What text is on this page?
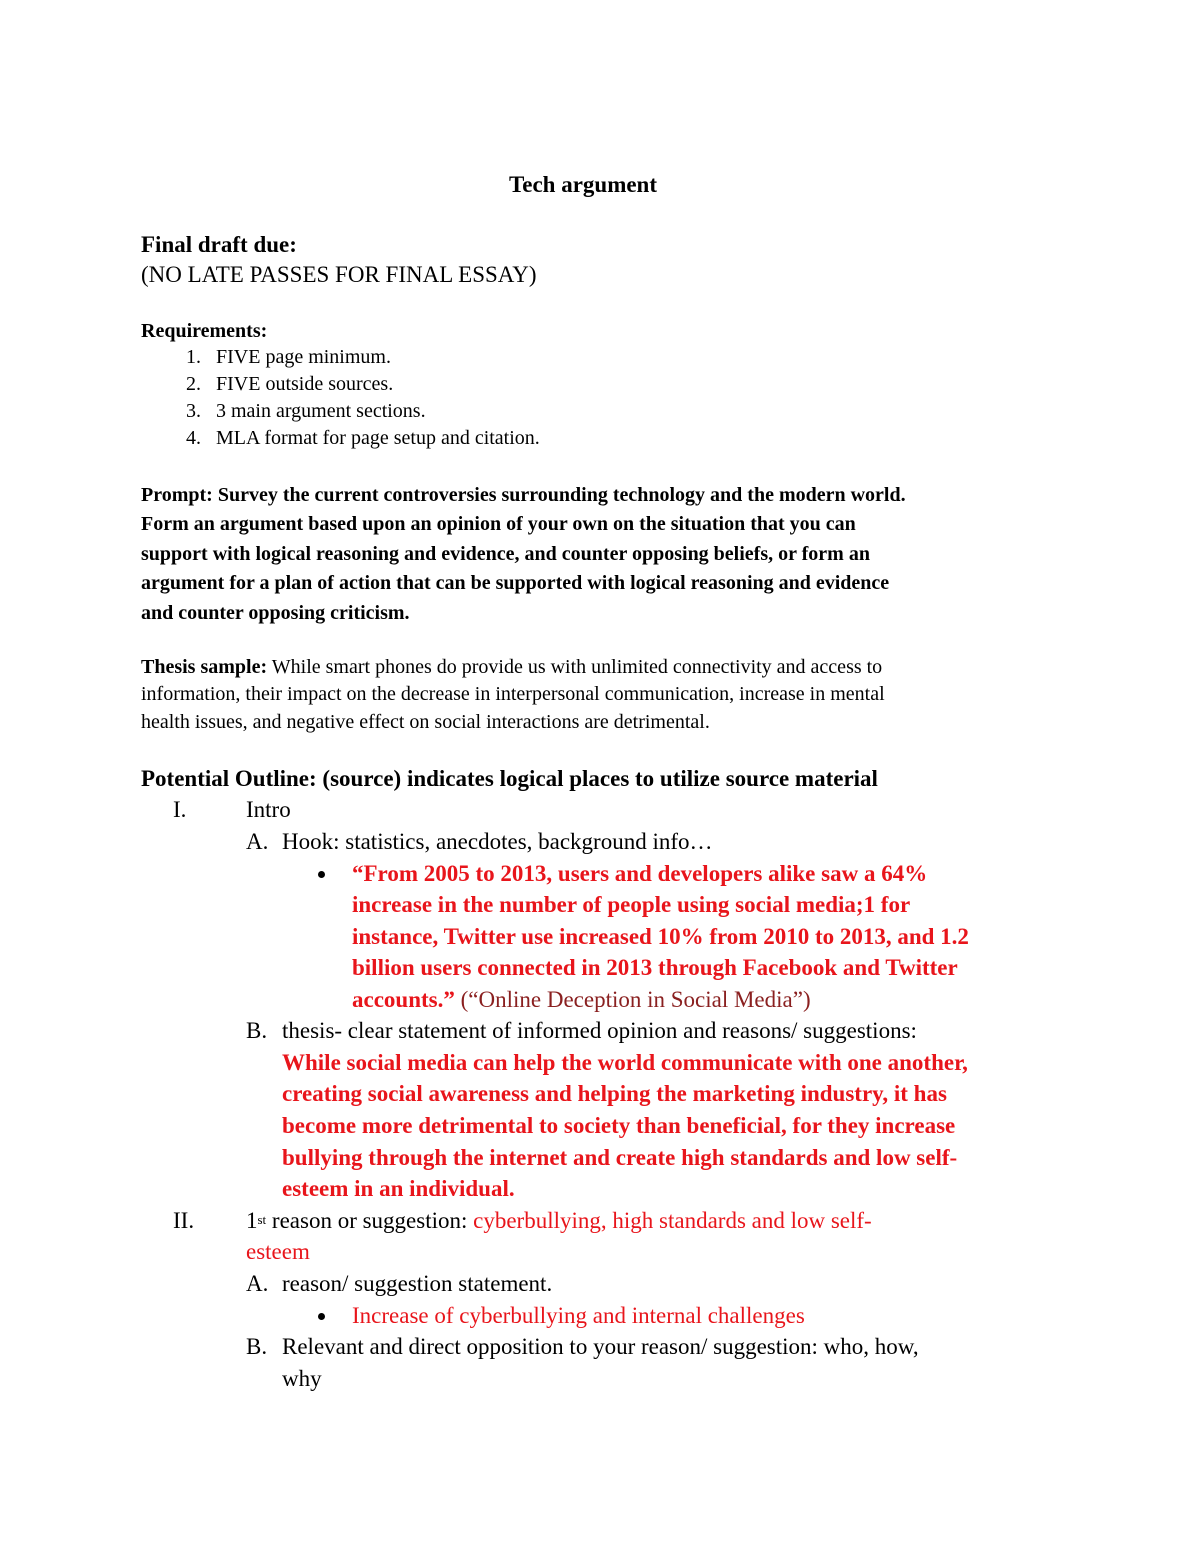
Tech argument
Final draft due:
(NO LATE PASSES FOR FINAL ESSAY)
Requirements:
1. FIVE page minimum.
2. FIVE outside sources.
3. 3 main argument sections.
4. MLA format for page setup and citation.
Prompt: Survey the current controversies surrounding technology and the modern world.
Form an argument based upon an opinion of your own on the situation that you can
support with logical reasoning and evidence, and counter opposing beliefs, or form an
argument for a plan of action that can be supported with logical reasoning and evidence
and counter opposing criticism.
Thesis sample: While smart phones do provide us with unlimited connectivity and access to
information, their impact on the decrease in interpersonal communication, increase in mental
health issues, and negative effect on social interactions are detrimental.
Potential Outline: (source) indicates logical places to utilize source material
I.	Intro
A. Hook: statistics, anecdotes, background info…
“From 2005 to 2013, users and developers alike saw a 64%
increase in the number of people using social media;1 for
instance, Twitter use increased 10% from 2010 to 2013, and 1.2
billion users connected in 2013 through Facebook and Twitter
accounts.” (“Online Deception in Social Media”)
B. thesis- clear statement of informed opinion and reasons/ suggestions:
While social media can help the world communicate with one another,
creating social awareness and helping the marketing industry, it has
become more detrimental to society than beneficial, for they increase
bullying through the internet and create high standards and low self-
esteem in an individual.
II. 1st reason or suggestion: cyberbullying, high standards and low self-
esteem
A. reason/ suggestion statement.
Increase of cyberbullying and internal challenges
B. Relevant and direct opposition to your reason/ suggestion: who, how,
why
